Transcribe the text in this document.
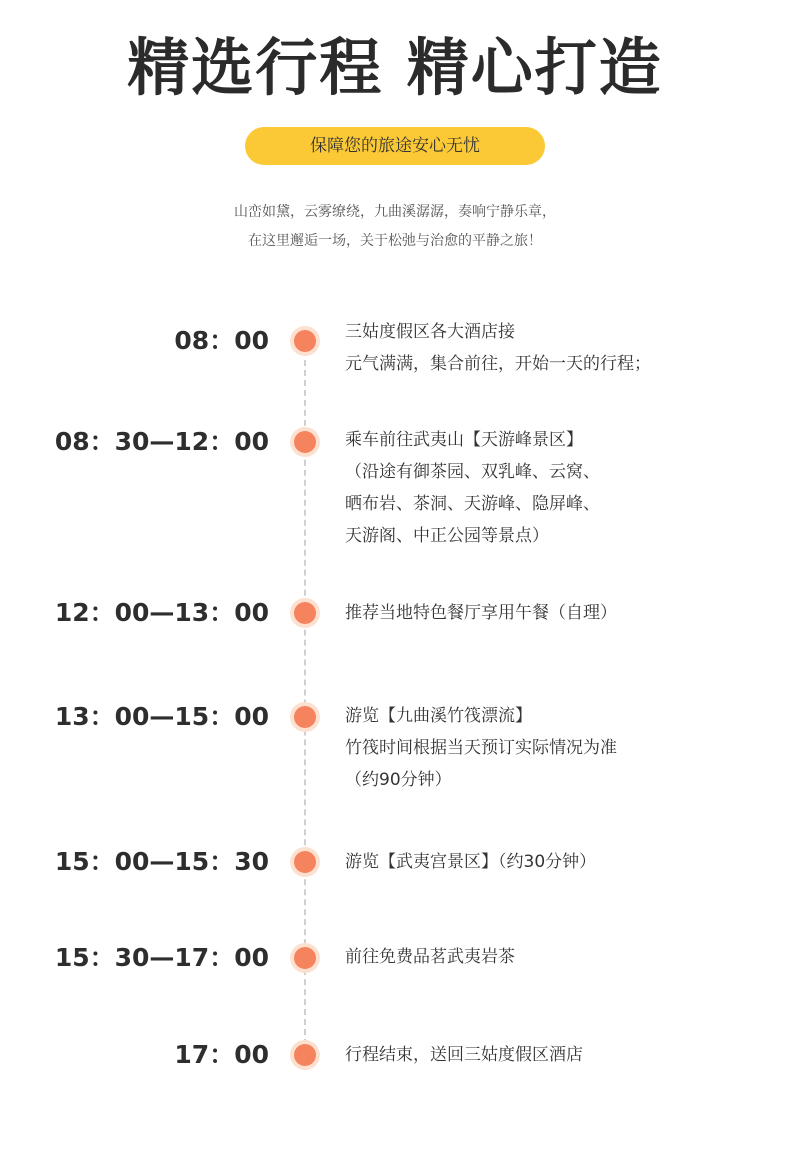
精选行程 精心打造
保障您的旅途安心无忧
山峦如黛，云雾缭绕，九曲溪潺潺，奏响宁静乐章，
在这里邂逅一场，关于松弛与治愈的平静之旅！
08：00	三姑度假区各大酒店接
元气满满，集合前往，开始一天的行程；
08：30—12：00	乘车前往武夷山【天游峰景区】
（沿途有御茶园、双乳峰、云窝、
晒布岩、茶洞、天游峰、隐屏峰、
天游阁、中正公园等景点）
12：00—13：00	推荐当地特色餐厅享用午餐（自理）
13：00—15：00	游览【九曲溪竹筏漂流】
竹筏时间根据当天预订实际情况为准
（约90分钟）
15：00—15：30	游览【武夷宫景区】（约30分钟）
15：30—17：00	前往免费品茗武夷岩茶
17：00	行程结束，送回三姑度假区酒店
